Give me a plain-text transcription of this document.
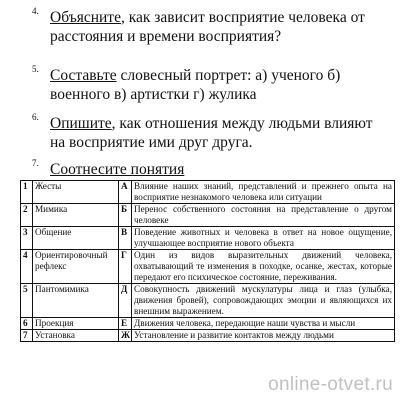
4. Объясните, как зависит восприятие человека от расстояния и времени восприятия?
5. Составьте словесный портрет: а) ученого б) военного в) артистки г) жулика
6. Опишите, как отношения между людьми влияют на восприятие ими друг друга.
7. Соотнесите понятия
1	Жесты	А	Влияние наших знаний, представлений и прежнего опыта на восприятие незнакомого человека или ситуации
2	Мимика	Б	Перенос собственного состояния на представление о другом человеке
3	Общение	В	Поведение животных и человека в ответ на новое ощущение, улучшающее восприятие нового объекта
4	Ориентировочный рефлекс	Г	Один из видов выразительных движений человека, охватывающий те изменения в походке, осанке, жестах, которые передают его психическое состояние, переживания.
5	Пантомимика	Д	Совокупность движений мускулатуры лица и глаз (улыбка, движения бровей), сопровождающих эмоции и являющихся их внешним выражением.
6	Проекция	Е	Движения человека, передающие наши чувства и мысли
7	Установка	Ж	Установление и развитие контактов между людьми
online-otvet.ru
